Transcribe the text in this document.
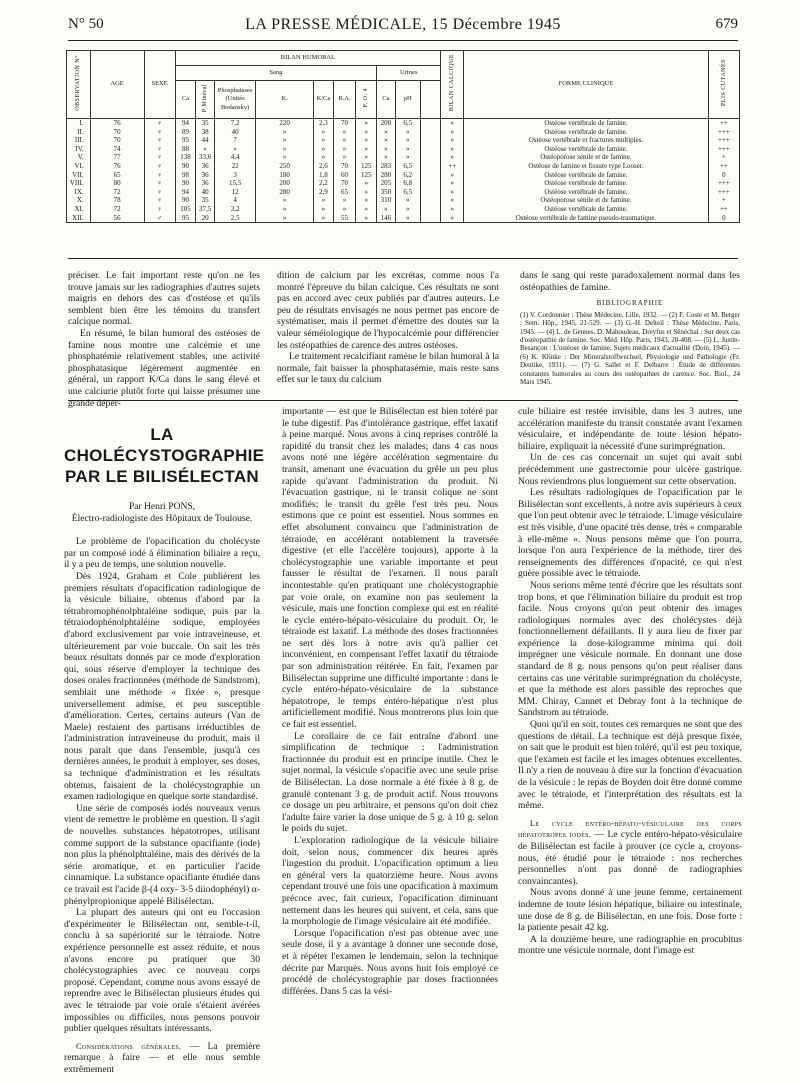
N° 50	LA PRESSE MÉDICALE, 15 Décembre 1945	679
OBSERVATION N°	AGE	SEXE	BILAN HUMORAL										BILAN CALCIQUE	FORME CLINIQUE	PLIS CUTANÉS
			Sang							Urines					
			Ca	P Minéral	Phosphatases (Unités Bodansky)	K.	K/Ca	R.A.	P. O. 4	Ca	pH				

I.	76	♀	94	35	7,2	220	2,3	70	»	200	6,5		»	Ostéose vertébrale de famine.	++
II.	70	♀	89	38	40	»	»	»	»	»	»		»	Ostéose vertébrale de famine.	+++
III.	70	♀	95	44	7	»	»	»	»	»	»		»	Ostéose vertébrale et fractures multiples.	+++
IV.	74	♀	88	»	»	»	»	»	»	»	»		»	Ostéose vertébrale de famine.	+++
V.	77	♀	138	33,6	4,4	»	»	»	»	»	»		»	Ostéoporose sénile et de famine.	+
VI.	76	♀	90	36	22	250	2,6	70	125	283	6,5		++	Ostéose de famine et fissure type Looser.	++
VII.	65	♀	98	36	3	180	1,8	60	125	280	6,2		»	Ostéose vertébrale de famine.	0
VIII.	80	♀	90	36	15,5	200	2,2	70	»	205	6,8		»	Ostéose vertébrale de famine.	+++
IX.	72	♀	94	40	12	280	2,9	65	»	350	6,5		»	Ostéose vertébrale de famine.	+++
X.	78	♀	90	35	4	»	»	»	»	310	»		»	Ostéoporose sénile et de famine.	+
XI.	72	♀	105	37,5	3,2	»	»	»	»	»	»		»	Ostéose vertébrale de famine.	++
XII.	56	♂	95	20	2,5	»	»	55	»	146	»		»	Ostéose vertébrale de famine pseudo-traumatique.	0

préciser. Le fait important reste qu'on ne les trouve jamais sur les radiographies d'autres sujets maigris en dehors des cas d'ostéose et qu'ils semblent bien être les témoins du transfert calcique normal.

En résumé, le bilan humoral des ostéoses de famine nous montre une calcémie et une phosphatémie relativement stables, une activité phosphatasique légèrement augmentée en général, un rapport K/Ca dans le sang élevé et une calciurie plutôt forte qui laisse présumer une grande déper-

dition de calcium par les excrétas, comme nous l'a montré l'épreuve du bilan calcique. Ces résultats ne sont pas en accord avec ceux publiés par d'autres auteurs. Le peu de résultats envisagés ne nous permet pas encore de systématiser, mais il permet d'émettre des doutes sur la valeur séméiologique de l'hypocalcémie pour différencier les ostéopathies de carence des autres ostéoses.

Le traitement recalcifiant ramène le bilan humoral à la normale, fait baisser la phosphatasémie, mais reste sans effet sur le taux du calcium

dans le sang qui reste paradoxalement normal dans les ostéopathies de famine.

BIBLIOGRAPHIE
(1) V. Cordonnier : Thèse Médecine, Lille, 1932. — (2) F. Coste et M. Berger : Sem. Hôp., 1945, 21-529. — (3) G.-H. Delteil : Thèse Médecine, Paris, 1945. — (4) L. de Gennes, D. Mahoudeau, Dreyfus et Sénéchal : Sur deux cas d'ostéopathie de famine. Soc. Méd. Hôp. Paris, 1943, 28-408. — (5) L. Justin-Besançon : L'ostéose de famine. Sujets médicaux d'actualité (Doin, 1945). — (6) K. Klinke : Der Mineralstoffwechsel, Physiologie und Pathologie (Fr. Deutike, 1931). — (7) G. Sallet et F. Delbarre : Étude de différentes constantes humorales au cours des ostéopathies de carence. Soc. Biol., 24 Mars 1945.
LA CHOLÉCYSTOGRAPHIE PAR LE BILISÉLECTAN
Par Henri PONS,
Électro-radiologiste des Hôpitaux de Toulouse.

Le problème de l'opacification du cholécyste par un composé iodé à élimination biliaire a reçu, il y a peu de temps, une solution nouvelle.

Dès 1924, Graham et Cole publièrent les premiers résultats d'opacification radiologique de la vésicule biliaire, obtenus d'abord par la tétrabromophénolphtaléine sodique, puis par la tétraiodophénolphtaléine sodique, employées d'abord exclusivement par voie intraveineuse, et ultérieurement par voie buccale. On sait les très beaux résultats donnés par ce mode d'exploration qui, sous réserve d'employer la technique des doses orales fractionnées (méthode de Sandstrom), semblait une méthode « fixée », presque universellement admise, et peu susceptible d'amélioration. Certes, certains auteurs (Van de Maele) restaient des partisans irréductibles de l'administration intraveineuse du produit, mais il nous paraît que dans l'ensemble, jusqu'à ces dernières années, le produit à employer, ses doses, sa technique d'administration et les résultats obtenus, faisaient de la cholécystographie un examen radiologique en quelque sorte standardisé.

Une série de composés iodés nouveaux venus vient de remettre le problème en question. Il s'agit de nouvelles substances hépatotropes, utilisant comme support de la substance opacifiante (iode) non plus la phénolphtaléine, mais des dérivés de la série aromatique, et en particulier l'acide cinnamique. La substance opacifiante étudiée dans ce travail est l'acide β-(4 oxy- 3-5 diiodophényl) α-phénylpropionique appelé Bilisélectan.

La plupart des auteurs qui ont eu l'occasion d'expérimenter le Bilisélectan ont, semble-t-il, conclu à sa supériorité sur le tétraiode. Notre expérience personnelle est assez réduite, et nous n'avons encore pu pratiquer que 30 cholécystographies avec ce nouveau corps proposé. Cependant, comme nous avons essayé de reprendre avec le Bilisélectan plusieurs études qui avec le tétraiode par voie orale s'étaient avérées impossibles ou difficiles, nous pensons pouvoir publier quelques résultats intéressants.

Considérations générales. — La première remarque à faire — et elle nous semble extrêmement

importante — est que le Bilisélectan est bien toléré par le tube digestif. Pas d'intolérance gastrique, effet laxatif à peine marqué. Nous avons à cinq reprises contrôlé la rapidité du transit chez les malades; dans 4 cas nous avons noté une légère accélération segmentaire du transit, amenant une évacuation du grêle un peu plus rapide qu'avant l'administration du produit. Ni l'évacuation gastrique, ni le transit colique ne sont modifiés; le transit du grêle l'est très peu. Nous estimons que ce point est essentiel. Nous sommes en effet absolument convaincu que l'administration de tétraiode, en accélérant notablement la traversée digestive (et elle l'accélère toujours), apporte à la cholécystographie une variable importante et peut fausser le résultat de l'examen. Il nous paraît incontestable qu'en pratiquant une cholécystographie par voie orale, on examine non pas seulement la vésicule, mais une fonction complexe qui est en réalité le cycle entéro-hépato-vésiculaire du produit. Or, le tétraiode est laxatif. La méthode des doses fractionnées ne sert dès lors à notre avis qu'à pallier cet inconvénient, en compensant l'effet laxatif du tétraiode par son administration réitérée. En fait, l'examen par Bilisélectan supprime une difficulté importante : dans le cycle entéro-hépato-vésiculaire de la substance hépatotrope, le temps entéro-hépatique n'est plus artificiellement modifié. Nous montrerons plus loin que ce fait est essentiel.

Le corollaire de ce fait entraîne d'abord une simplification de technique : l'administration fractionnée du produit est en principe inutile. Chez le sujet normal, la vésicule s'opacifie avec une seule prise de Bilisélectan. La dose normale a été fixée à 8 g. de granulé contenant 3 g. de produit actif. Nous trouvons ce dosage un peu arbitraire, et pensons qu'on doit chez l'adulte faire varier la dose unique de 5 g. à 10 g. selon le poids du sujet.

L'exploration radiologique de la vésicule biliaire doit, selon nous, commencer dix heures après l'ingestion du produit. L'opacification optimum a lieu en général vers la quatorzième heure. Nous avons cependant trouvé une fois une opacification à maximum précoce avec, fait curieux, l'opacification diminuant nettement dans les heures qui suivent, et cela, sans que la morphologie de l'image vésiculaire ait été modifiée.

Lorsque l'opacification n'est pas obtenue avec une seule dose, il y a avantage à donner une seconde dose, et à répéter l'examen le lendemain, selon la technique décrite par Marquès. Nous avons huit fois employé ce procédé de cholécystographie par doses fractionnées différées. Dans 5 cas la vési-

cule biliaire est restée invisible, dans les 3 autres, une accélération manifeste du transit constatée avant l'examen vésiculaire, et indépendante de toute lésion hépato-biliaire, expliquait la nécessité d'une surimprégnation.

Un de ces cas concernait un sujet qui avait subi précédemment une gastrectomie pour ulcère gastrique. Nous reviendrons plus longuement sur cette observation.

Les résultats radiologiques de l'opacification par le Bilisélectan sont excellents, à notre avis supérieurs à ceux que l'on peut obtenir avec le tétraiode. L'image vésiculaire est très visible, d'une opacité très dense, très « comparable à elle-même ». Nous pensons même que l'on pourra, lorsque l'on aura l'expérience de la méthode, tirer des renseignements des différences d'opacité, ce qui n'est guère possible avec le tétraiode.

Nous serions même tenté d'écrire que les résultats sont trop bons, et que l'élimination biliaire du produit est trop facile. Nous croyons qu'on peut obtenir des images radiologiques normales avec des cholécystes déjà fonctionnellement défaillants. Il y aura lieu de fixer par expérience la dose-kilogramme minima qui doit imprégner une vésicule normale. En donnant une dose standard de 8 g. nous pensons qu'on peut réaliser dans certains cas une véritable surimprégnation du cholécyste, et que la méthode est alors passible des reproches que MM. Chiray, Cannet et Debray font à la technique de Sandstrom au tétraiode.

Quoi qu'il en soit, toutes ces remarques ne sont que des questions de détail. La technique est déjà presque fixée, on sait que le produit est bien toléré, qu'il est peu toxique, que l'examen est facile et les images obtenues excellentes. Il n'y a rien de nouveau à dire sur la fonction d'évacuation de la vésicule : le repas de Boyden doit être donné comme avec le tétraiode, et l'interprétation des résultats est la même.

Le cycle entéro-hépato-vésiculaire des corps hépatotropes iodés. — Le cycle entéro-hépato-vésiculaire de Bilisélectan est facile à prouver (ce cycle a, croyons-nous, été étudié pour le tétraiode : nos recherches personnelles n'ont pas donné de radiographies convaincantes).

Nous avons donné à une jeune femme, certainement indemne de toute lésion hépatique, biliaire ou intestinale, une dose de 8 g. de Bilisélectan, en une fois. Dose forte : la patiente pesait 42 kg.

A la douzième heure, une radiographie en procubitus montre une vésicule normale, dont l'image est
